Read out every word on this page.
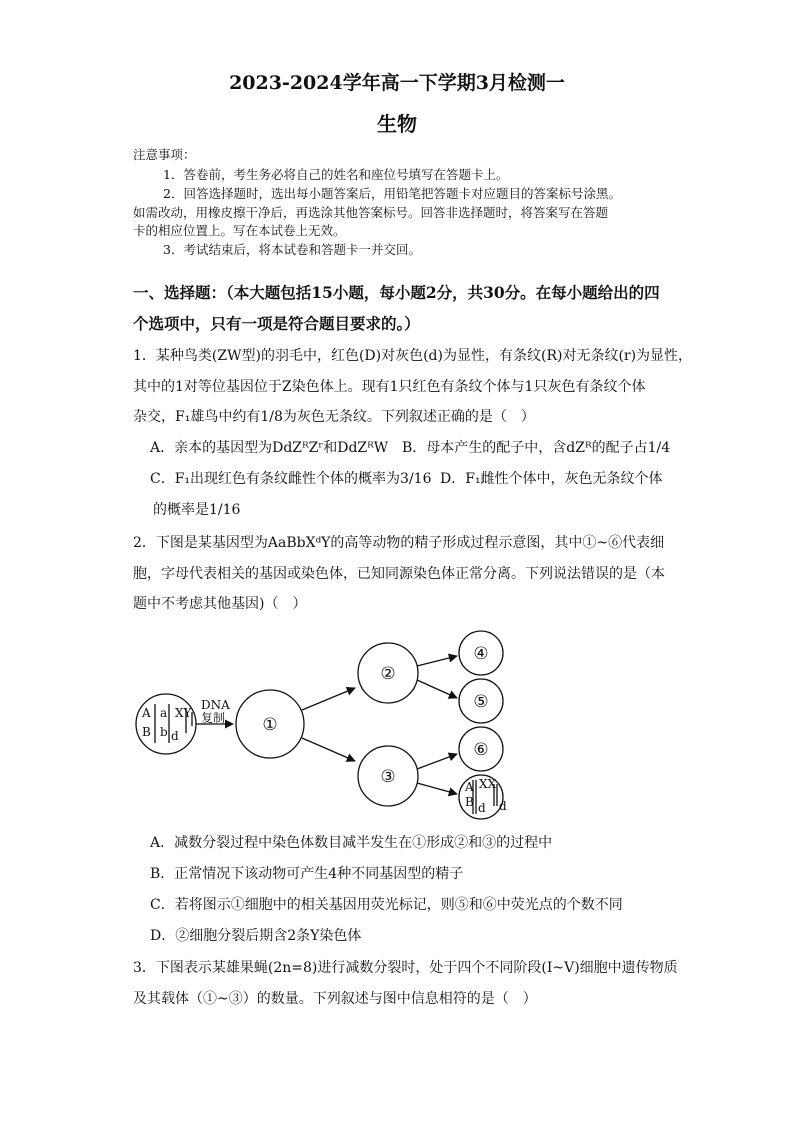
2023-2024学年高一下学期3月检测一
生物
注意事项：
1．答卷前，考生务必将自己的姓名和座位号填写在答题卡上。
2．回答选择题时，选出每小题答案后，用铅笔把答题卡对应题目的答案标号涂黑。
如需改动，用橡皮擦干净后，再选涂其他答案标号。回答非选择题时，将答案写在答题
卡的相应位置上。写在本试卷上无效。
3．考试结束后，将本试卷和答题卡一并交回。
一、选择题：（本大题包括15小题，每小题2分，共30分。在每小题给出的四
个选项中，只有一项是符合题目要求的。）
1．某种鸟类(ZW型)的羽毛中，红色(D)对灰色(d)为显性，有条纹(R)对无条纹(r)为显性，
其中的1对等位基因位于Z染色体上。现有1只红色有条纹个体与1只灰色有条纹个体
杂交，F₁雄鸟中约有1/8为灰色无条纹。下列叙述正确的是（　）
A．亲本的基因型为DdZᴿZʳ和DdZᴿW B．母本产生的配子中，含dZᴿ的配子占1/4
C．F₁出现红色有条纹雌性个体的概率为3/16 D．F₁雌性个体中，灰色无条纹个体
的概率是1/16
2．下图是某基因型为AaBbXᵈY的高等动物的精子形成过程示意图，其中①~⑥代表细
胞，字母代表相关的基因或染色体，已知同源染色体正常分离。下列说法错误的是（本
题中不考虑其他基因)（　）
A
B
a
b d
XY
DNA
复制
A
B d d
XX
①
②
③
④
⑤
⑥
A．减数分裂过程中染色体数目减半发生在①形成②和③的过程中
B．正常情况下该动物可产生4种不同基因型的精子
C．若将图示①细胞中的相关基因用荧光标记，则⑤和⑥中荧光点的个数不同
D．②细胞分裂后期含2条Y染色体
3．下图表示某雄果蝇(2n=8)进行减数分裂时，处于四个不同阶段(I~V)细胞中遗传物质
及其载体（①~③）的数量。下列叙述与图中信息相符的是（　）
